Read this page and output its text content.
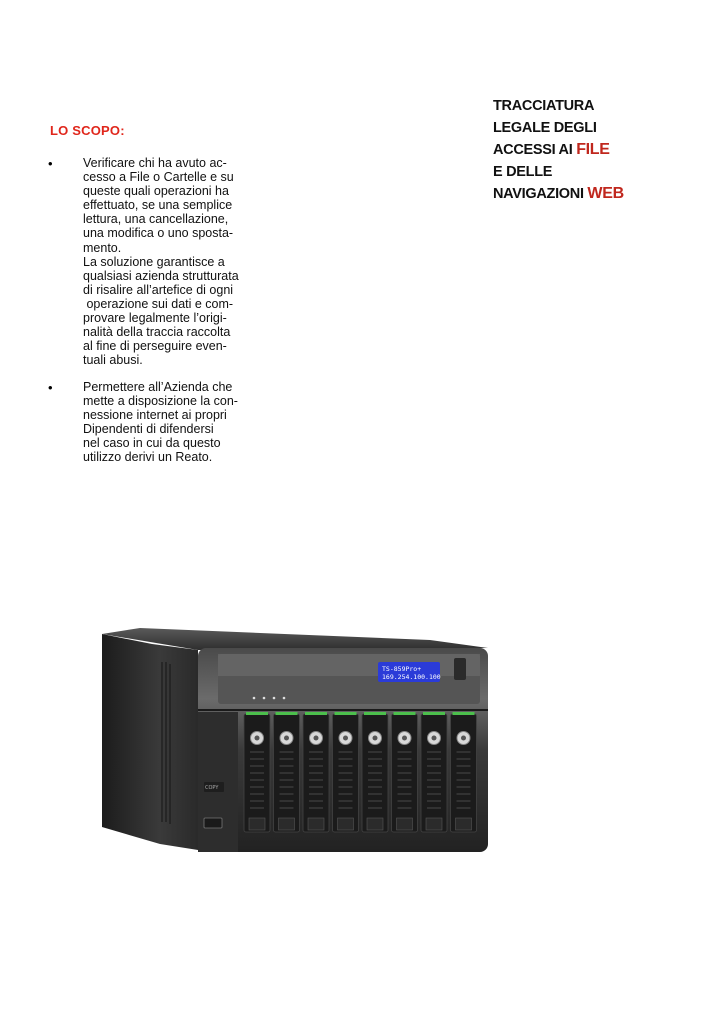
TRACCIATURA
LEGALE DEGLI
ACCESSI AI FILE
E DELLE
NAVIGAZIONI WEB
LO SCOPO:
• Verificare chi ha avuto ac-
cesso a File o Cartelle e su
queste quali operazioni ha
effettuato, se una semplice
lettura, una cancellazione,
una modifica o uno sposta-
mento.
La soluzione garantisce a
qualsiasi azienda strutturata
di risalire all’artefice di ogni
operazione sui dati e com-
provare legalmente l’origi-
nalità della traccia raccolta
al fine di perseguire even-
tuali abusi.
• Permettere all’Azienda che
mette a disposizione la con-
nessione internet ai propri
Dipendenti di difendersi
nel caso in cui da questo
utilizzo derivi un Reato.
TS-859Pro+
169.254.100.100
COPY
